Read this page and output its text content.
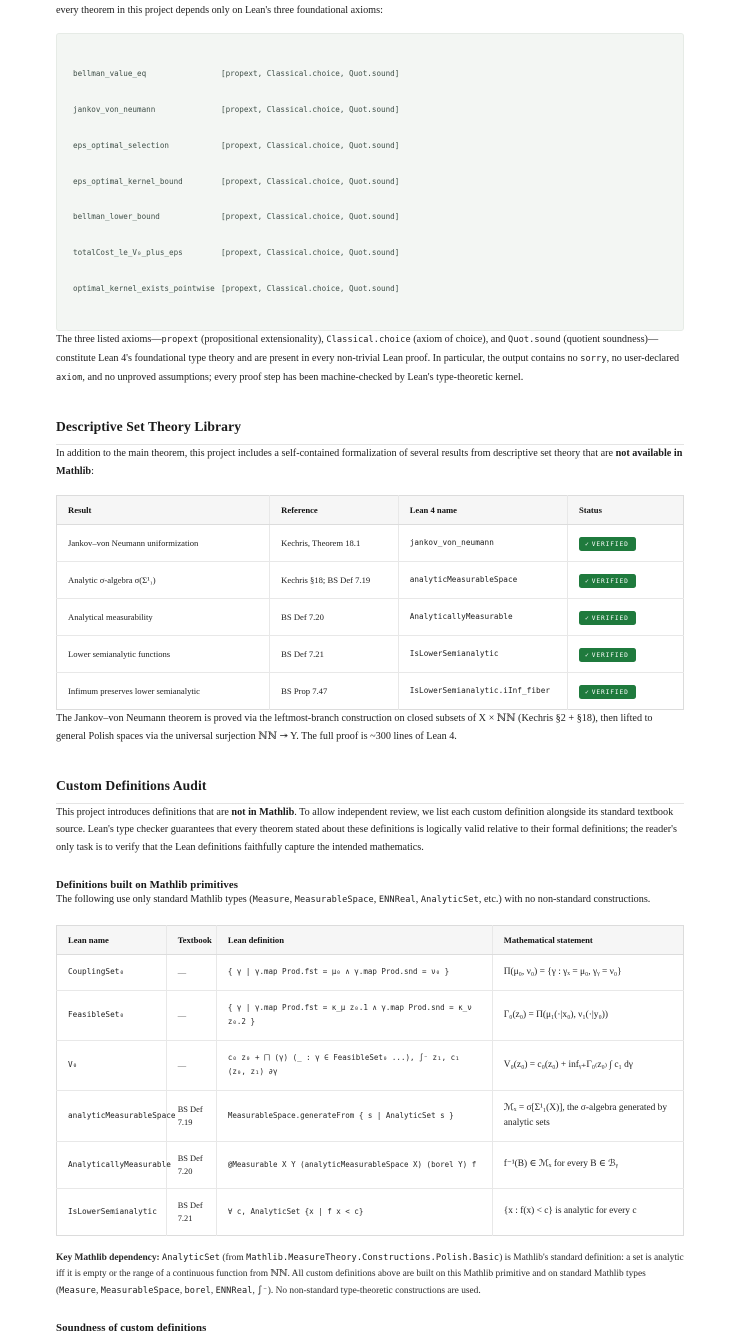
every theorem in this project depends only on Lean's three foundational axioms:

bellman_value_eq	[propext, Classical.choice, Quot.sound]

jankov_von_neumann	[propext, Classical.choice, Quot.sound]

eps_optimal_selection	[propext, Classical.choice, Quot.sound]

eps_optimal_kernel_bound	[propext, Classical.choice, Quot.sound]

bellman_lower_bound	[propext, Classical.choice, Quot.sound]

totalCost_le_V₀_plus_eps	[propext, Classical.choice, Quot.sound]

optimal_kernel_exists_pointwise [propext, Classical.choice, Quot.sound]

The three listed axioms—propext (propositional extensionality), Classical.choice (axiom of choice), and Quot.sound (quotient soundness)—constitute Lean 4's foundational type theory and are present in every non-trivial Lean proof. In particular, the output contains no sorry, no user-declared axiom, and no unproved assumptions; every proof step has been machine-checked by Lean's type-theoretic kernel.

Descriptive Set Theory Library

In addition to the main theorem, this project includes a self-contained formalization of several results from descriptive set theory that are not available in Mathlib:

Result	Reference	Lean 4 name	Status
Jankov–von Neumann uniformization	Kechris, Theorem 18.1	jankov_von_neumann	✓ VERIFIED
Analytic σ-algebra σ(Σ¹₁)	Kechris §18; BS Def 7.19	analyticMeasurableSpace	✓ VERIFIED
Analytical measurability	BS Def 7.20	AnalyticallyMeasurable	✓ VERIFIED
Lower semianalytic functions	BS Def 7.21	IsLowerSemianalytic	✓ VERIFIED
Infimum preserves lower semianalytic	BS Prop 7.47	IsLowerSemianalytic.iInf_fiber	✓ VERIFIED

The Jankov–von Neumann theorem is proved via the leftmost-branch construction on closed subsets of X × ℕℕ (Kechris §2 + §18), then lifted to general Polish spaces via the universal surjection ℕℕ ↠ Y. The full proof is ~300 lines of Lean 4.

Custom Definitions Audit

This project introduces definitions that are not in Mathlib. To allow independent review, we list each custom definition alongside its standard textbook source. Lean's type checker guarantees that every theorem stated about these definitions is logically valid relative to their formal definitions; the reader's only task is to verify that the Lean definitions faithfully capture the intended mathematics.

Definitions built on Mathlib primitives

The following use only standard Mathlib types (Measure, MeasurableSpace, ENNReal, AnalyticSet, etc.) with no non-standard constructions.

Lean name	Textbook	Lean definition	Mathematical statement
CouplingSet₀	—	{ γ | γ.map Prod.fst = μ₀ ∧ γ.map Prod.snd = ν₀ }	Π(μ₀, ν₀) = {γ : γₓ = μ₀, γᵧ = ν₀}
FeasibleSet₀	—	{ γ | γ.map Prod.fst = κ_μ z₀.1 ∧ γ.map Prod.snd = κ_ν z₀.2 }	Γ₀(z₀) = Π(μ₁(·|x₀), ν₁(·|y₀))
V₀	—	c₀ z₀ + ⨅ (γ) (_ : γ ∈ FeasibleSet₀ ...), ∫⁻ z₁, c₁ (z₀, z₁) ∂γ	V₀(z₀) = c₀(z₀) + infᵧ₊Γ₀₍ᴢ₀₎ ∫ c₁ dγ
analyticMeasurableSpace	BS Def 7.19	MeasurableSpace.generateFrom { s | AnalyticSet s }	ℳₓ = σ[Σ¹₁(X)], the σ-algebra generated by analytic sets
AnalyticallyMeasurable	BS Def 7.20	@Measurable X Y (analyticMeasurableSpace X) (borel Y) f	f⁻¹(B) ∈ ℳₓ for every B ∈ ℬᵧ
IsLowerSemianalytic	BS Def 7.21	∀ c, AnalyticSet {x | f x < c}	{x : f(x) < c} is analytic for every c

Key Mathlib dependency: AnalyticSet (from Mathlib.MeasureTheory.Constructions.Polish.Basic) is Mathlib's standard definition: a set is analytic iff it is empty or the range of a continuous function from ℕℕ. All custom definitions above are built on this Mathlib primitive and on standard Mathlib types (Measure, MeasurableSpace, borel, ENNReal, ∫⁻). No non-standard type-theoretic constructions are used.

Soundness of custom definitions
